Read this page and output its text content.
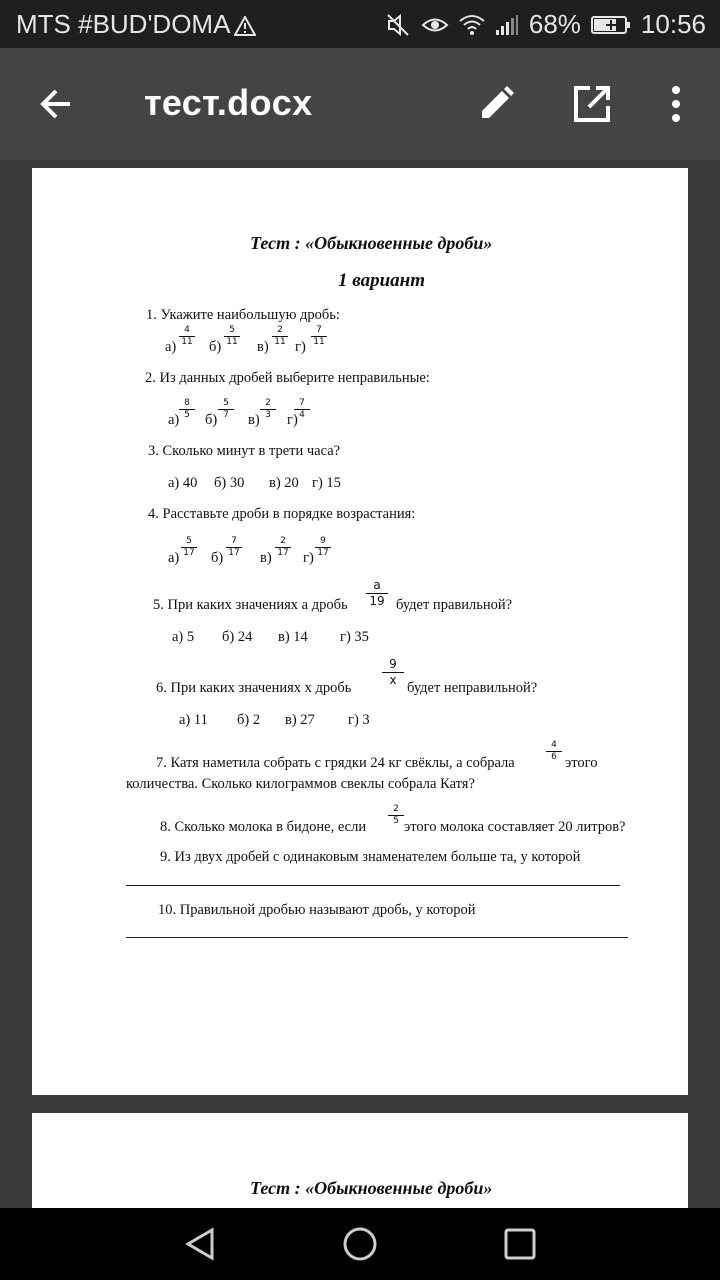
MTS #BUD'DOMA	68% 10:56
тест.docx
Тест : «Обыкновенные дроби»
1 вариант
1. Укажите наибольшую дробь:
а)
4
11 б)
5
11 в)
2
11 г)
7
11
2. Из данных дробей выберите неправильные:
а)
8
5	б)
5
7	в)
2
3	г)
7
4
3. Сколько минут в трети часа?
а) 40 б) 30 в) 20 г) 15
4. Расставьте дроби в порядке возрастания:
а)
5
17 б)
7
17 в)
2
17 г)
9
17
5. При каких значениях а дробь
a
19 будет правильной?
а) 5 б) 24 в) 14 г) 35
6. При каких значениях х дробь
9
x будет неправильной?
а) 11 б) 2 в) 27 г) 3
7. Катя наметила собрать с грядки 24 кг свёклы, а собрала
4
6 этого
количества. Сколько килограммов свеклы собрала Катя?
8. Сколько молока в бидоне, если
2
5 этого молока составляет 20 литров?
9. Из двух дробей с одинаковым знаменателем больше та, у которой
10. Правильной дробью называют дробь, у которой
Тест : «Обыкновенные дроби»
